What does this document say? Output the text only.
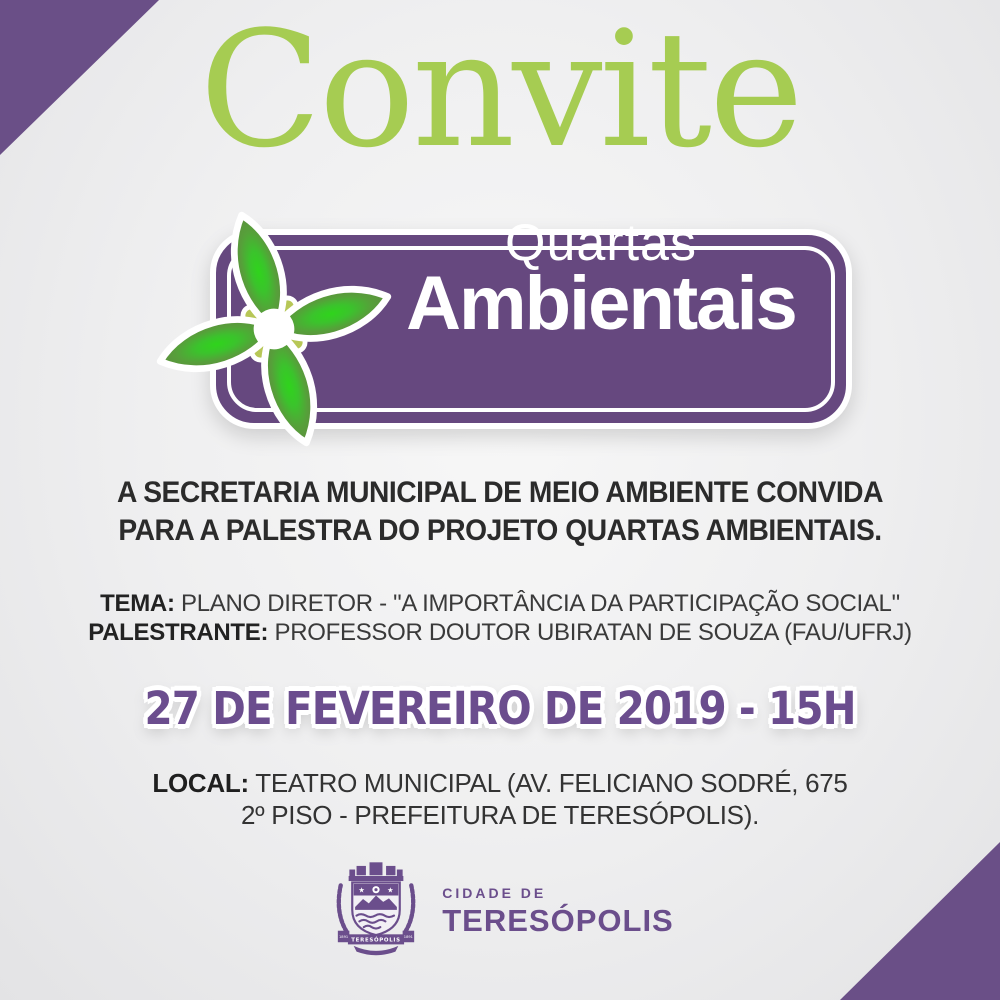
Convite
Quartas
Ambientais
A SECRETARIA MUNICIPAL DE MEIO AMBIENTE CONVIDA
PARA A PALESTRA DO PROJETO QUARTAS AMBIENTAIS.
TEMA: PLANO DIRETOR - "A IMPORTÂNCIA DA PARTICIPAÇÃO SOCIAL"
PALESTRANTE: PROFESSOR DOUTOR UBIRATAN DE SOUZA (FAU/UFRJ)
27 DE FEVEREIRO DE 2019 - 15H
LOCAL: TEATRO MUNICIPAL (AV. FELICIANO SODRÉ, 675
2º PISO - PREFEITURA DE TERESÓPOLIS).
★ ★
1891	1891
TERESÓPOLIS
CIDADE DE
TERESÓPOLIS
